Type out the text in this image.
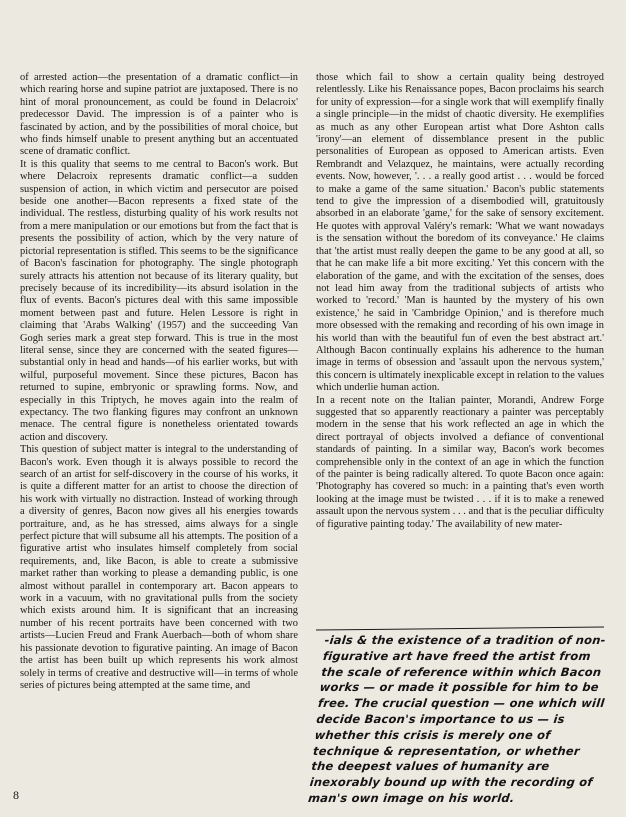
of arrested action—the presentation of a dramatic conflict—in which rearing horse and supine patriot are juxtaposed. There is no hint of moral pronouncement, as could be found in Delacroix' predecessor David. The impression is of a painter who is fascinated by action, and by the possibilities of moral choice, but who finds himself unable to present anything but an accentuated scene of dramatic conflict.

It is this quality that seems to me central to Bacon's work. But where Delacroix represents dramatic conflict—a sudden suspension of action, in which victim and persecutor are poised beside one another—Bacon represents a fixed state of the individual. The restless, disturbing quality of his work results not from a mere manipulation or our emotions but from the fact that is presents the possibility of action, which by the very nature of pictorial representation is stifled. This seems to be the significance of Bacon's fascination for photography. The single photograph surely attracts his attention not because of its literary quality, but precisely because of its incredibility—its absurd isolation in the flux of events. Bacon's pictures deal with this same impossible moment between past and future. Helen Lessore is right in claiming that 'Arabs Walking' (1957) and the succeeding Van Gogh series mark a great step forward. This is true in the most literal sense, since they are concerned with the seated figures—substantial only in head and hands—of his earlier works, but with wilful, purposeful movement. Since these pictures, Bacon has returned to supine, embryonic or sprawling forms. Now, and especially in this Triptych, he moves again into the realm of expectancy. The two flanking figures may confront an unknown menace. The central figure is nonetheless orientated towards action and discovery.

This question of subject matter is integral to the understanding of Bacon's work. Even though it is always possible to record the search of an artist for self-discovery in the course of his works, it is quite a different matter for an artist to choose the direction of his work with virtually no distraction. Instead of working through a diversity of genres, Bacon now gives all his energies towards portraiture, and, as he has stressed, aims always for a single perfect picture that will subsume all his attempts. The position of a figurative artist who insulates himself completely from social requirements, and, like Bacon, is able to create a submissive market rather than working to please a demanding public, is one almost without parallel in contemporary art. Bacon appears to work in a vacuum, with no gravitational pulls from the society which exists around him. It is significant that an increasing number of his recent portraits have been concerned with two artists—Lucien Freud and Frank Auerbach—both of whom share his passionate devotion to figurative painting. An image of Bacon the artist has been built up which represents his work almost solely in terms of creative and destructive will—in terms of whole series of pictures being attempted at the same time, and

those which fail to show a certain quality being destroyed relentlessly. Like his Renaissance popes, Bacon proclaims his search for unity of expression—for a single work that will exemplify finally a single principle—in the midst of chaotic diversity. He exemplifies as much as any other European artist what Dore Ashton calls 'irony'—an element of dissemblance present in the public personalities of European as opposed to American artists. Even Rembrandt and Velazquez, he maintains, were actually recording events. Now, however, '. . . a really good artist . . . would be forced to make a game of the same situation.' Bacon's public statements tend to give the impression of a disembodied will, gratuitously absorbed in an elaborate 'game,' for the sake of sensory excitement. He quotes with approval Valéry's remark: 'What we want nowadays is the sensation without the boredom of its conveyance.' He claims that 'the artist must really deepen the game to be any good at all, so that he can make life a bit more exciting.' Yet this concern with the elaboration of the game, and with the excitation of the senses, does not lead him away from the traditional subjects of artists who worked to 'record.' 'Man is haunted by the mystery of his own existence,' he said in 'Cambridge Opinion,' and is therefore much more obsessed with the remaking and recording of his own image in his world than with the beautiful fun of even the best abstract art.' Although Bacon continually explains his adherence to the human image in terms of obsession and 'assault upon the nervous system,' this concern is ultimately inexplicable except in relation to the values which underlie human action.

In a recent note on the Italian painter, Morandi, Andrew Forge suggested that so apparently reactionary a painter was perceptably modern in the sense that his work reflected an age in which the direct portrayal of objects involved a defiance of conventional standards of painting. In a similar way, Bacon's work becomes comprehensible only in the context of an age in which the function of the painter is being radically altered. To quote Bacon once again: 'Photography has covered so much: in a painting that's even worth looking at the image must be twisted . . . if it is to make a renewed assault upon the nervous system . . . and that is the peculiar difficulty of figurative painting today.' The availability of new mater-

-ials & the existence of a tradition of non-figurative art have freed the artist from the scale of reference within which Bacon works — or made it possible for him to be free. The crucial question — one which will decide Bacon's importance to us — is whether this crisis is merely one of technique & representation, or whether the deepest values of humanity are inexorably bound up with the recording of man's own image on his world.
8
